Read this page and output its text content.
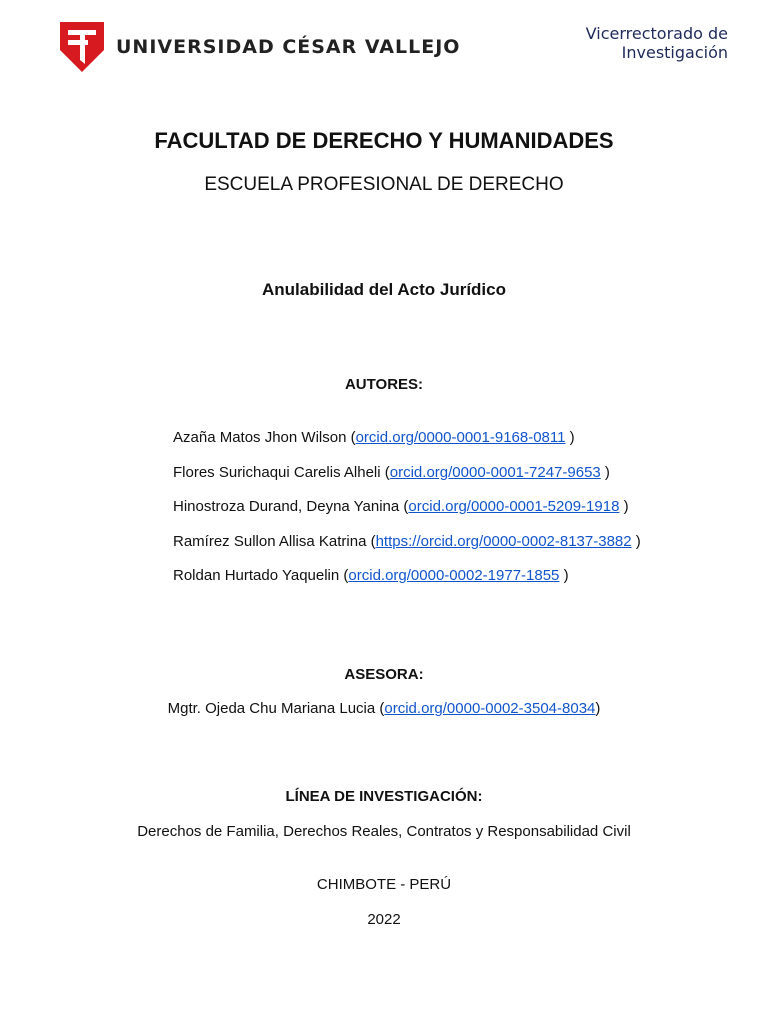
UNIVERSIDAD CÉSAR VALLEJO
Vicerrectorado de
Investigación
FACULTAD DE DERECHO Y HUMANIDADES
ESCUELA PROFESIONAL DE DERECHO
Anulabilidad del Acto Jurídico
AUTORES:
Azaña Matos Jhon Wilson (orcid.org/0000-0001-9168-0811 )
Flores Surichaqui Carelis Alheli (orcid.org/0000-0001-7247-9653 )
Hinostroza Durand, Deyna Yanina (orcid.org/0000-0001-5209-1918 )
Ramírez Sullon Allisa Katrina (https://orcid.org/0000-0002-8137-3882 )
Roldan Hurtado Yaquelin (orcid.org/0000-0002-1977-1855 )
ASESORA:
Mgtr. Ojeda Chu Mariana Lucia (orcid.org/0000-0002-3504-8034)
LÍNEA DE INVESTIGACIÓN:
Derechos de Familia, Derechos Reales, Contratos y Responsabilidad Civil
CHIMBOTE - PERÚ
2022
